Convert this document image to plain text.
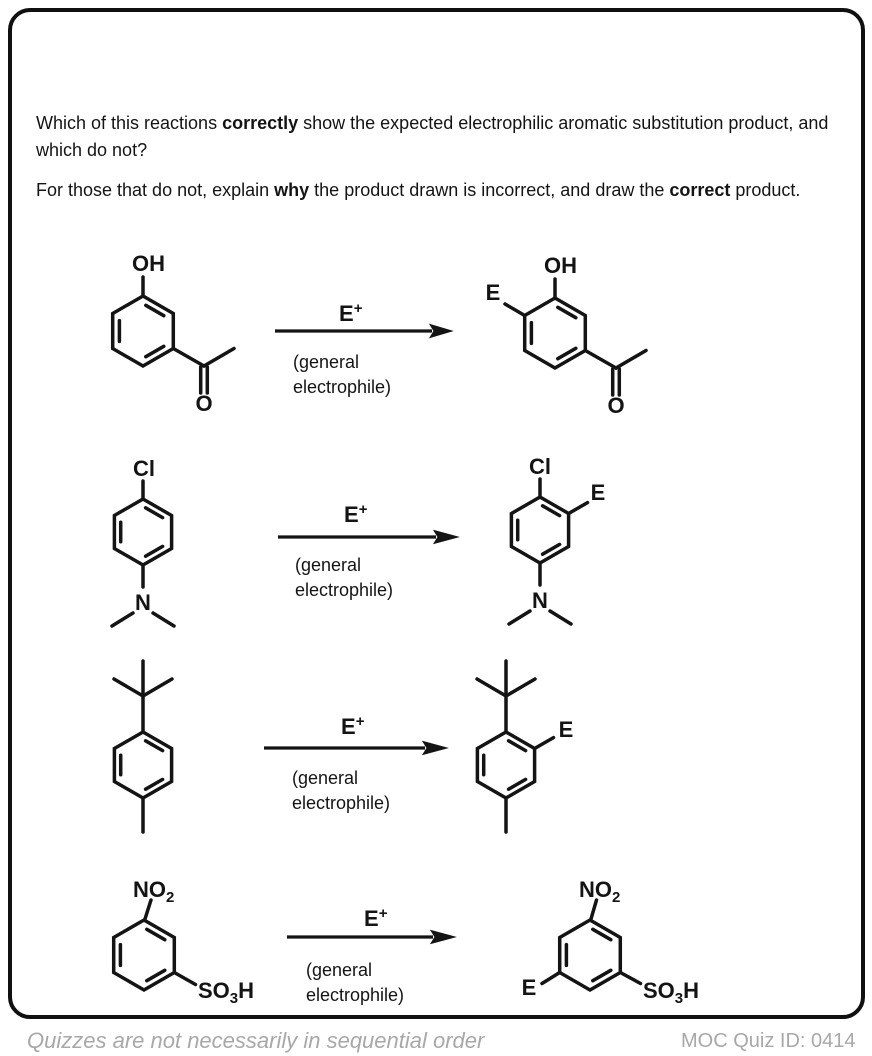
Which of this reactions correctly show the expected electrophilic aromatic substitution product, and which do not?

For those that do not, explain why the product drawn is incorrect, and draw the correct product.

OH
O
E+
OH
E
O
(general electrophile)
Cl
N
E+
Cl
E
N
(general electrophile)
E+	E
(general electrophile)
$NO_2$
$SO_3H$
E+
$NO_2$
E	$SO_3H$
(general electrophile)
Quizzes are not necessarily in sequential order	MOC Quiz ID: 0414
